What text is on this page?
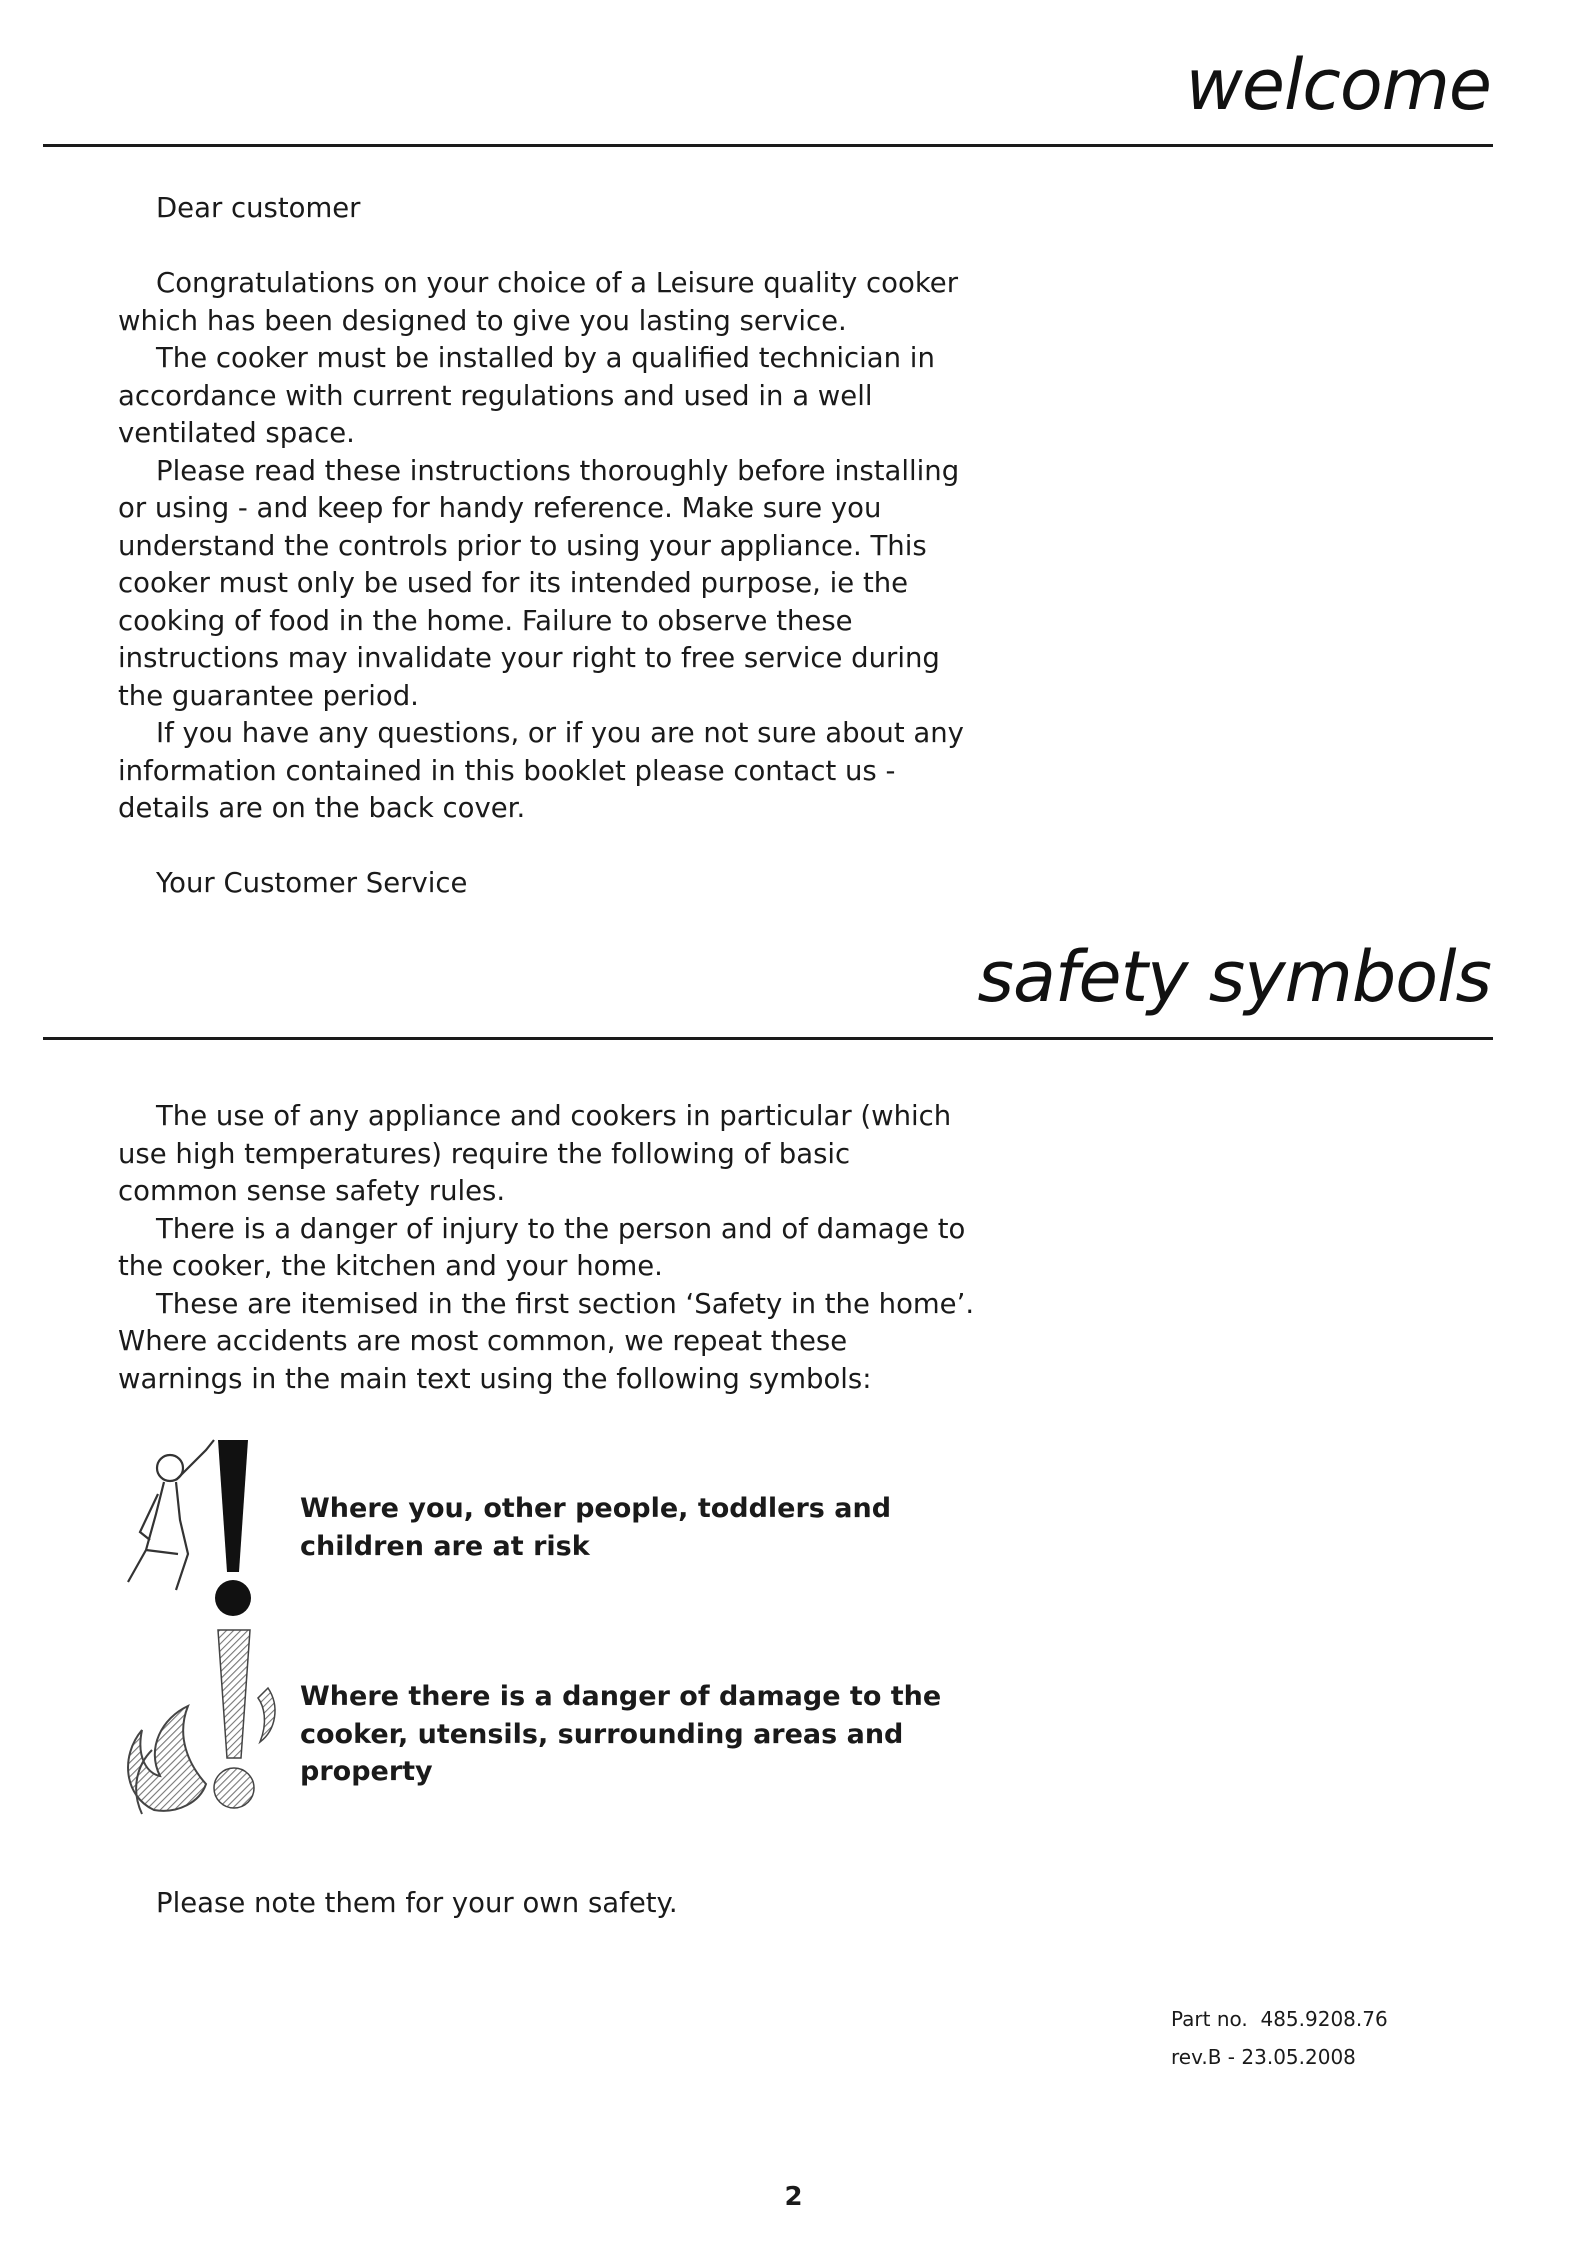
welcome

Dear customer

Congratulations on your choice of a Leisure quality cooker which has been designed to give you lasting service.

The cooker must be installed by a qualified technician in accordance with current regulations and used in a well ventilated space.

Please read these instructions thoroughly before installing or using - and keep for handy reference. Make sure you understand the controls prior to using your appliance. This cooker must only be used for its intended purpose, ie the cooking of food in the home. Failure to observe these instructions may invalidate your right to free service during the guarantee period.

If you have any questions, or if you are not sure about any information contained in this booklet please contact us - details are on the back cover.

Your Customer Service

safety symbols

The use of any appliance and cookers in particular (which use high temperatures) require the following of basic common sense safety rules.

There is a danger of injury to the person and of damage to the cooker, the kitchen and your home.

These are itemised in the first section ‘Safety in the home’. Where accidents are most common, we repeat these warnings in the main text using the following symbols:

Where you, other people, toddlers and children are at risk
Where there is a danger of damage to the cooker, utensils, surrounding areas and property

Please note them for your own safety.

Part no.  485.9208.76
rev.B - 23.05.2008
2
